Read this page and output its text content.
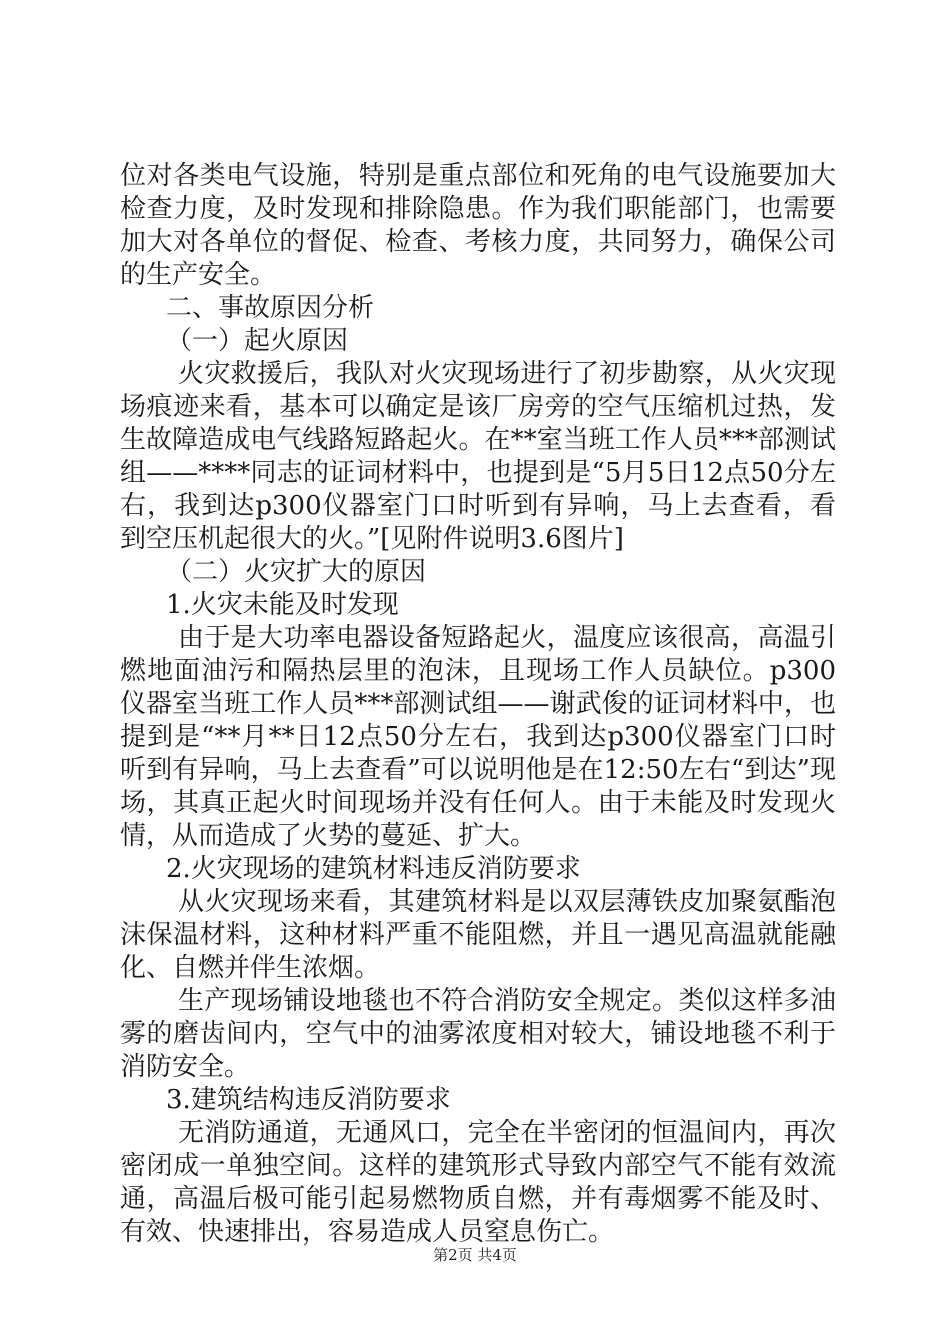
位对各类电气设施，特别是重点部位和死角的电气设施要加大检查力度，及时发现和排除隐患。作为我们职能部门，也需要加大对各单位的督促、检查、考核力度，共同努力，确保公司的生产安全。

二、事故原因分析

（一）起火原因

火灾救援后，我队对火灾现场进行了初步勘察，从火灾现场痕迹来看，基本可以确定是该厂房旁的空气压缩机过热，发生故障造成电气线路短路起火。在**室当班工作人员***部测试组——****同志的证词材料中，也提到是“5月5日12点50分左右，我到达p300仪器室门口时听到有异响，马上去查看，看到空压机起很大的火。”[见附件说明3.6图片]

（二）火灾扩大的原因

1.火灾未能及时发现

由于是大功率电器设备短路起火，温度应该很高，高温引燃地面油污和隔热层里的泡沫，且现场工作人员缺位。p300仪器室当班工作人员***部测试组——谢武俊的证词材料中，也提到是“**月**日12点50分左右，我到达p300仪器室门口时听到有异响，马上去查看”可以说明他是在12:50左右“到达”现场，其真正起火时间现场并没有任何人。由于未能及时发现火情，从而造成了火势的蔓延、扩大。

2.火灾现场的建筑材料违反消防要求

从火灾现场来看，其建筑材料是以双层薄铁皮加聚氨酯泡沫保温材料，这种材料严重不能阻燃，并且一遇见高温就能融化、自燃并伴生浓烟。

生产现场铺设地毯也不符合消防安全规定。类似这样多油雾的磨齿间内，空气中的油雾浓度相对较大，铺设地毯不利于消防安全。

3.建筑结构违反消防要求

无消防通道，无通风口，完全在半密闭的恒温间内，再次密闭成一单独空间。这样的建筑形式导致内部空气不能有效流通，高温后极可能引起易燃物质自燃，并有毒烟雾不能及时、有效、快速排出，容易造成人员窒息伤亡。

第2页 共4页
